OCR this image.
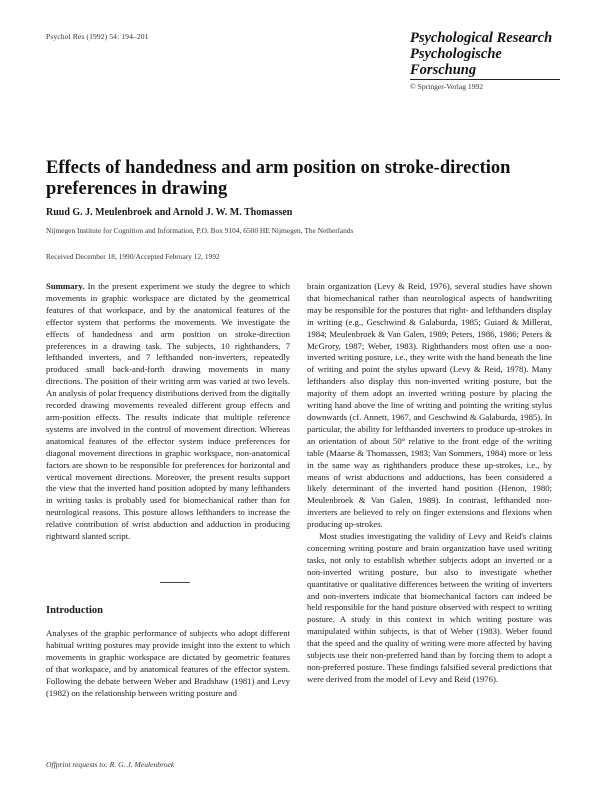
Psychol Res (1992) 54: 194–201	Psychological Research
Psychologische Forschung
© Springer-Verlag 1992
Effects of handedness and arm position on stroke-direction preferences in drawing
Ruud G. J. Meulenbroek and Arnold J. W. M. Thomassen
Nijmegen Institute for Cognition and Information, P.O. Box 9104, 6500 HE Nijmegen, The Netherlands
Received December 18, 1990/Accepted February 12, 1992

Summary. In the present experiment we study the degree to which movements in graphic workspace are dictated by the geometrical features of that workspace, and by the anatomical features of the effector system that performs the movements. We investigate the effects of handedness and arm position on stroke-direction preferences in a drawing task. The subjects, 10 righthanders, 7 lefthanded inverters, and 7 lefthanded non-inverters, repeatedly produced small back-and-forth drawing movements in many directions. The position of their writing arm was varied at two levels. An analysis of polar frequency distributions derived from the digitally recorded drawing movements revealed different group effects and arm-position effects. The results indicate that multiple reference systems are involved in the control of movement direction. Whereas anatomical features of the effector system induce preferences for diagonal movement directions in graphic workspace, non-anatomical factors are shown to be responsible for preferences for horizontal and vertical movement directions. Moreover, the present results support the view that the inverted hand position adopted by many lefthanders in writing tasks is probably used for biomechanical rather than for neurological reasons. This posture allows lefthanders to increase the relative contribution of wrist abduction and adduction in producing rightward slanted script.

brain organization (Levy & Reid, 1976), several studies have shown that biomechanical rather than neurological aspects of handwriting may be responsible for the postures that right- and lefthanders display in writing (e.g., Geschwind & Galaburda, 1985; Guiard & Millerat, 1984; Meulenbroek & Van Galen, 1989; Peters, 1986, 1986; Peters & McGrory, 1987; Weber, 1983). Righthanders most often use a non-inverted writing posture, i.e., they write with the hand beneath the line of writing and point the stylus upward (Levy & Reid, 1978). Many lefthanders also display this non-inverted writing posture, but the majority of them adopt an inverted writing posture by placing the writing hand above the line of writing and pointing the writing stylus downwards (cf. Annett, 1967, and Geschwind & Galaburda, 1985). In particular, the ability for lefthanded inverters to produce up-strokes in an orientation of about 50° relative to the front edge of the writing table (Maarse & Thomassen, 1983; Van Sommers, 1984) more or less in the same way as righthanders produce these up-strokes, i.e., by means of wrist abductions and adductions, has been considered a likely determinant of the inverted hand position (Henon, 1980; Meulenbroek & Van Galen, 1989). In contrast, lefthanded non-inverters are believed to rely on finger extensions and flexions when producing up-strokes.

Most studies investigating the validity of Levy and Reid's claims concerning writing posture and brain organization have used writing tasks, not only to establish whether subjects adopt an inverted or a non-inverted writing posture, but also to investigate whether quantitative or qualitative differences between the writing of inverters and non-inverters indicate that biomechanical factors can indeed be held responsible for the hand posture observed with respect to writing posture. A study in this context in which writing posture was manipulated within subjects, is that of Weber (1983). Weber found that the speed and the quality of writing were more affected by having subjects use their non-preferred hand than by forcing them to adopt a non-preferred posture. These findings falsified several predictions that were derived from the model of Levy and Reid (1976).

Introduction

Analyses of the graphic performance of subjects who adopt different habitual writing postures may provide insight into the extent to which movements in graphic workspace are dictated by geometric features of that workspace, and by anatomical features of the effector system. Following the debate between Weber and Bradshaw (1981) and Levy (1982) on the relationship between writing posture and

Offprint requests to: R. G. J. Meulenbroek
